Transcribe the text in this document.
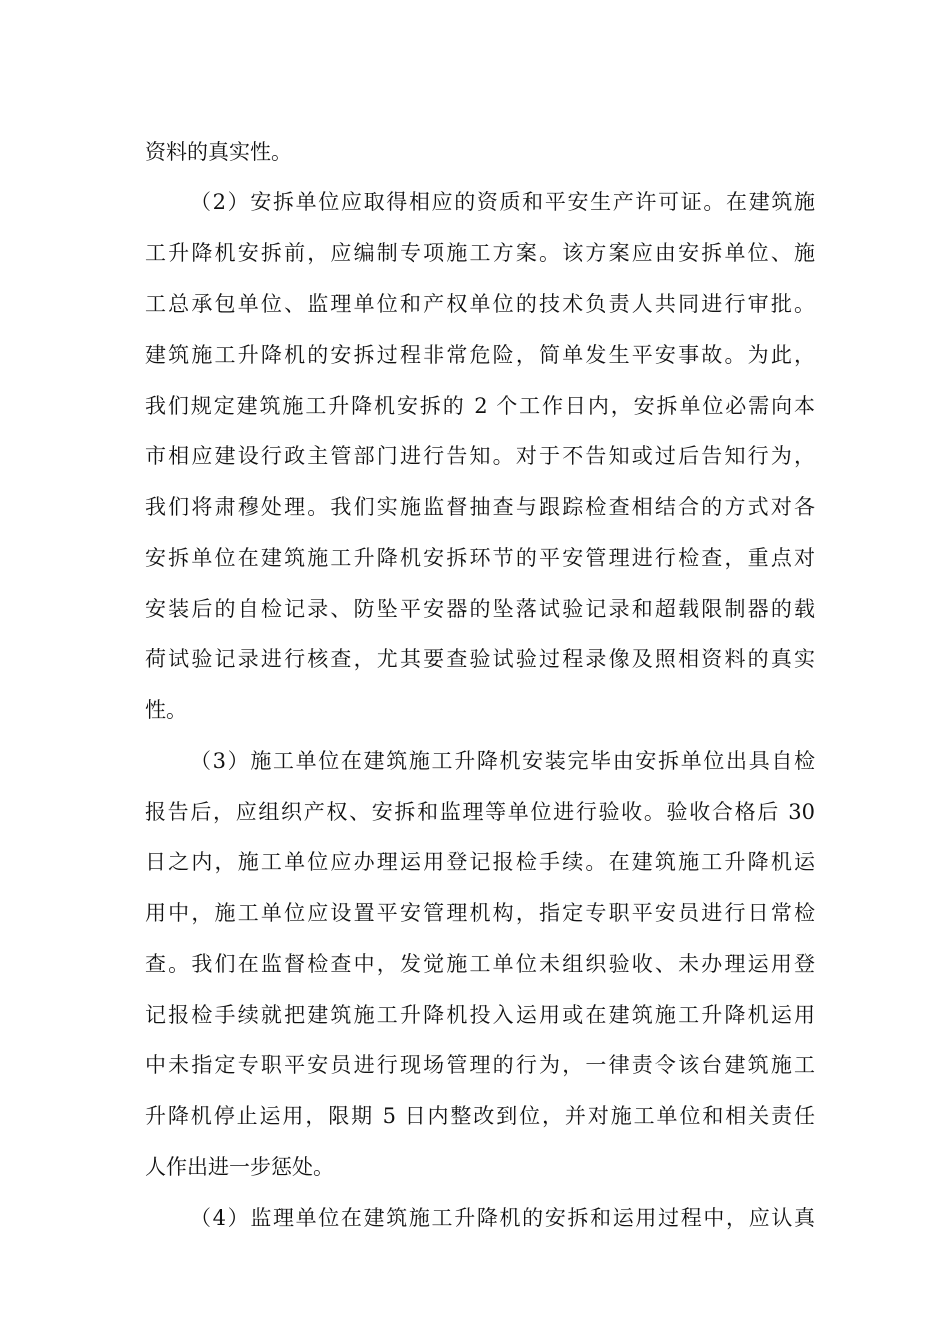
资料的真实性。
（2）安拆单位应取得相应的资质和平安生产许可证。在建筑施
工升降机安拆前，应编制专项施工方案。该方案应由安拆单位、施
工总承包单位、监理单位和产权单位的技术负责人共同进行审批。
建筑施工升降机的安拆过程非常危险，简单发生平安事故。为此，
我们规定建筑施工升降机安拆的 2 个工作日内，安拆单位必需向本
市相应建设行政主管部门进行告知。对于不告知或过后告知行为，
我们将肃穆处理。我们实施监督抽查与跟踪检查相结合的方式对各
安拆单位在建筑施工升降机安拆环节的平安管理进行检查，重点对
安装后的自检记录、防坠平安器的坠落试验记录和超载限制器的载
荷试验记录进行核查，尤其要查验试验过程录像及照相资料的真实
性。
（3）施工单位在建筑施工升降机安装完毕由安拆单位出具自检
报告后，应组织产权、安拆和监理等单位进行验收。验收合格后 30
日之内，施工单位应办理运用登记报检手续。在建筑施工升降机运
用中，施工单位应设置平安管理机构，指定专职平安员进行日常检
查。我们在监督检查中，发觉施工单位未组织验收、未办理运用登
记报检手续就把建筑施工升降机投入运用或在建筑施工升降机运用
中未指定专职平安员进行现场管理的行为，一律责令该台建筑施工
升降机停止运用，限期 5 日内整改到位，并对施工单位和相关责任
人作出进一步惩处。
（4）监理单位在建筑施工升降机的安拆和运用过程中，应认真
